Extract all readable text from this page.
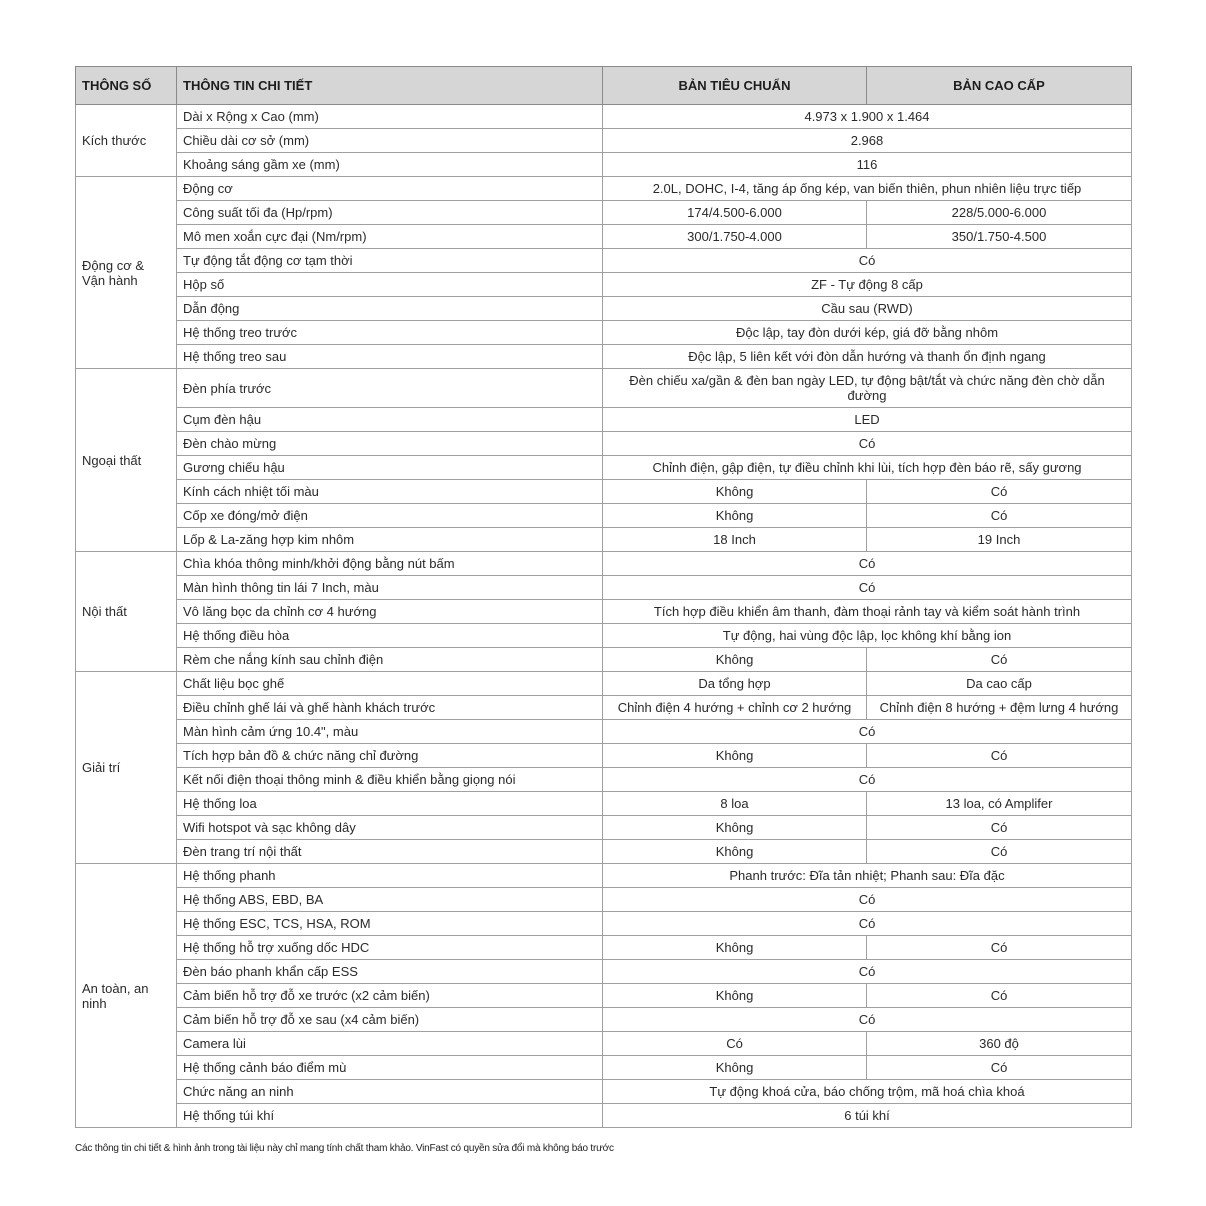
THÔNG SỐ	THÔNG TIN CHI TIẾT	BẢN TIÊU CHUẨN	BẢN CAO CẤP
Kích thước	Dài x Rộng x Cao (mm)	4.973 x 1.900 x 1.464	
	Chiều dài cơ sở (mm)	2.968	
	Khoảng sáng gầm xe (mm)	116	
Động cơ & Vận hành	Động cơ	2.0L, DOHC, I-4, tăng áp ống kép, van biến thiên, phun nhiên liệu trực tiếp	
	Công suất tối đa (Hp/rpm)	174/4.500-6.000	228/5.000-6.000
	Mô men xoắn cực đại (Nm/rpm)	300/1.750-4.000	350/1.750-4.500
	Tự động tắt động cơ tạm thời	Có	
	Hộp số	ZF - Tự động 8 cấp	
	Dẫn động	Cầu sau (RWD)	
	Hệ thống treo trước	Độc lập, tay đòn dưới kép, giá đỡ bằng nhôm	
	Hệ thống treo sau	Độc lập, 5 liên kết với đòn dẫn hướng và thanh ổn định ngang	
Ngoại thất	Đèn phía trước	Đèn chiếu xa/gần & đèn ban ngày LED, tự động bật/tắt và chức năng đèn chờ dẫn đường	
	Cụm đèn hậu	LED	
	Đèn chào mừng	Có	
	Gương chiếu hậu	Chỉnh điện, gập điện, tự điều chỉnh khi lùi, tích hợp đèn báo rẽ, sấy gương	
	Kính cách nhiệt tối màu	Không	Có
	Cốp xe đóng/mở điện	Không	Có
	Lốp & La-zăng hợp kim nhôm	18 Inch	19 Inch
Nội thất	Chìa khóa thông minh/khởi động bằng nút bấm	Có	
	Màn hình thông tin lái 7 Inch, màu	Có	
	Vô lăng bọc da chỉnh cơ 4 hướng	Tích hợp điều khiển âm thanh, đàm thoại rảnh tay và kiểm soát hành trình	
	Hệ thống điều hòa	Tự động, hai vùng độc lập, lọc không khí bằng ion	
	Rèm che nắng kính sau chỉnh điện	Không	Có
Giải trí	Chất liệu bọc ghế	Da tổng hợp	Da cao cấp
	Điều chỉnh ghế lái và ghế hành khách trước	Chỉnh điện 4 hướng + chỉnh cơ 2 hướng	Chỉnh điện 8 hướng + đệm lưng 4 hướng
	Màn hình cảm ứng 10.4", màu	Có	
	Tích hợp bản đồ & chức năng chỉ đường	Không	Có
	Kết nối điện thoại thông minh & điều khiển bằng giọng nói	Có	
	Hệ thống loa	8 loa	13 loa, có Amplifer
	Wifi hotspot và sạc không dây	Không	Có
	Đèn trang trí nội thất	Không	Có
An toàn, an ninh	Hệ thống phanh	Phanh trước: Đĩa tản nhiệt; Phanh sau: Đĩa đặc	
	Hệ thống ABS, EBD, BA	Có	
	Hệ thống ESC, TCS, HSA, ROM	Có	
	Hệ thống hỗ trợ xuống dốc HDC	Không	Có
	Đèn báo phanh khẩn cấp ESS	Có	
	Cảm biến hỗ trợ đỗ xe trước (x2 cảm biến)	Không	Có
	Cảm biến hỗ trợ đỗ xe sau (x4 cảm biến)	Có	
	Camera lùi	Có	360 độ
	Hệ thống cảnh báo điểm mù	Không	Có
	Chức năng an ninh	Tự động khoá cửa, báo chống trộm, mã hoá chìa khoá	
	Hệ thống túi khí	6 túi khí	
Các thông tin chi tiết & hình ảnh trong tài liệu này chỉ mang tính chất tham khảo. VinFast có quyền sửa đổi mà không báo trước
